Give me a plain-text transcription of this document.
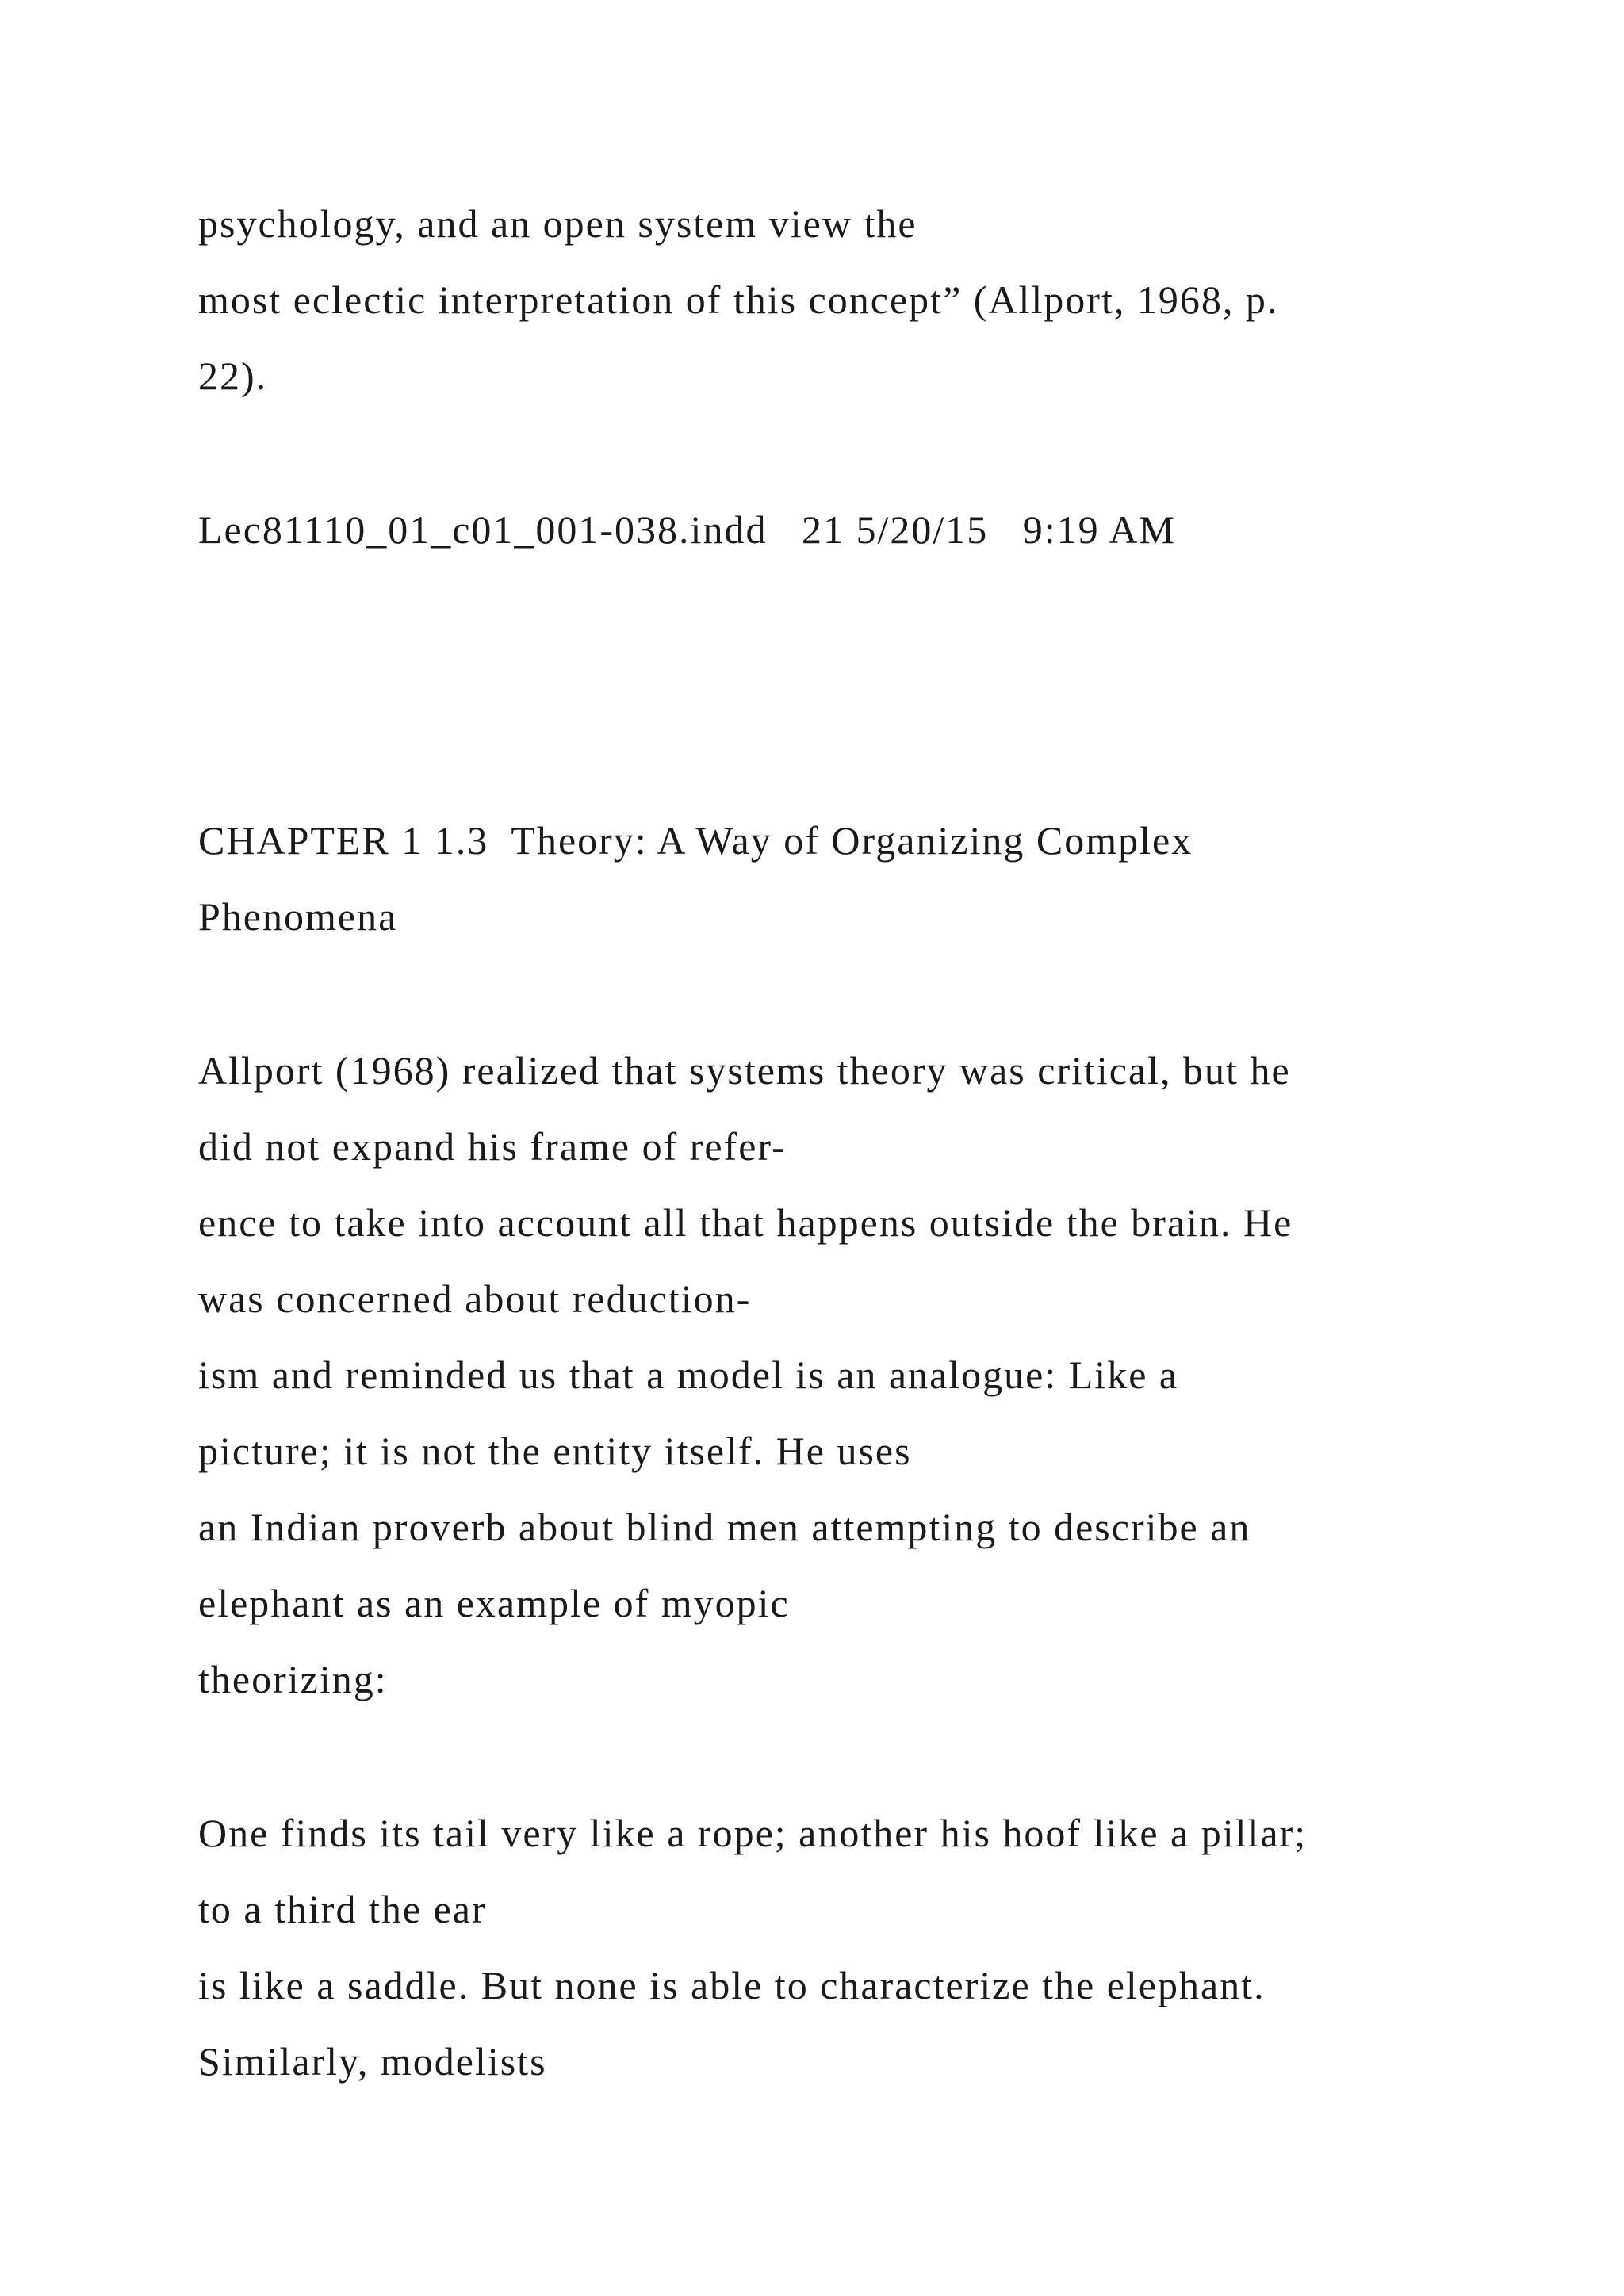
psychology, and an open system view the

most eclectic interpretation of this concept” (Allport, 1968, p.

22).

Lec81110_01_c01_001-038.indd   21 5/20/15   9:19 AM

CHAPTER 1 1.3  Theory: A Way of Organizing Complex

Phenomena

Allport (1968) realized that systems theory was critical, but he

did not expand his frame of refer-

ence to take into account all that happens outside the brain. He

was concerned about reduction-

ism and reminded us that a model is an analogue: Like a

picture; it is not the entity itself. He uses

an Indian proverb about blind men attempting to describe an

elephant as an example of myopic

theorizing:

One finds its tail very like a rope; another his hoof like a pillar;

to a third the ear

is like a saddle. But none is able to characterize the elephant.

Similarly, modelists
